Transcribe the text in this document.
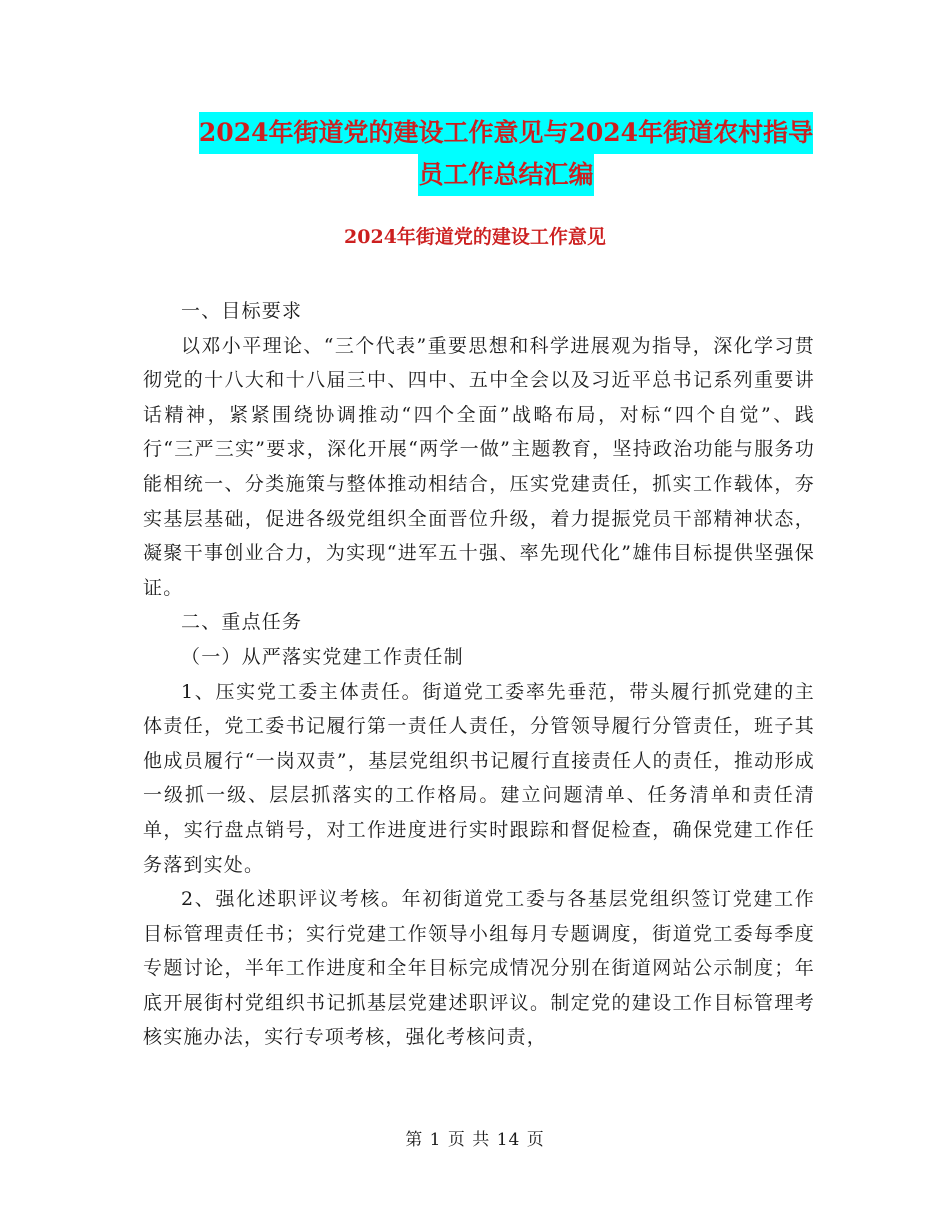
2024年街道党的建设工作意见与2024年街道农村指导
员工作总结汇编
2024年街道党的建设工作意见

一、目标要求

以邓小平理论、“三个代表”重要思想和科学进展观为指导，深化学习贯彻党的十八大和十八届三中、四中、五中全会以及习近平总书记系列重要讲话精神，紧紧围绕协调推动“四个全面”战略布局，对标“四个自觉”、践行“三严三实”要求，深化开展“两学一做”主题教育，坚持政治功能与服务功能相统一、分类施策与整体推动相结合，压实党建责任，抓实工作载体，夯实基层基础，促进各级党组织全面晋位升级，着力提振党员干部精神状态，凝聚干事创业合力，为实现“进军五十强、率先现代化”雄伟目标提供坚强保证。

二、重点任务

（一）从严落实党建工作责任制

1、压实党工委主体责任。街道党工委率先垂范，带头履行抓党建的主体责任，党工委书记履行第一责任人责任，分管领导履行分管责任，班子其他成员履行“一岗双责”，基层党组织书记履行直接责任人的责任，推动形成一级抓一级、层层抓落实的工作格局。建立问题清单、任务清单和责任清单，实行盘点销号，对工作进度进行实时跟踪和督促检查，确保党建工作任务落到实处。

2、强化述职评议考核。年初街道党工委与各基层党组织签订党建工作目标管理责任书；实行党建工作领导小组每月专题调度，街道党工委每季度专题讨论，半年工作进度和全年目标完成情况分别在街道网站公示制度；年底开展街村党组织书记抓基层党建述职评议。制定党的建设工作目标管理考核实施办法，实行专项考核，强化考核问责，

第 1 页 共 14 页
